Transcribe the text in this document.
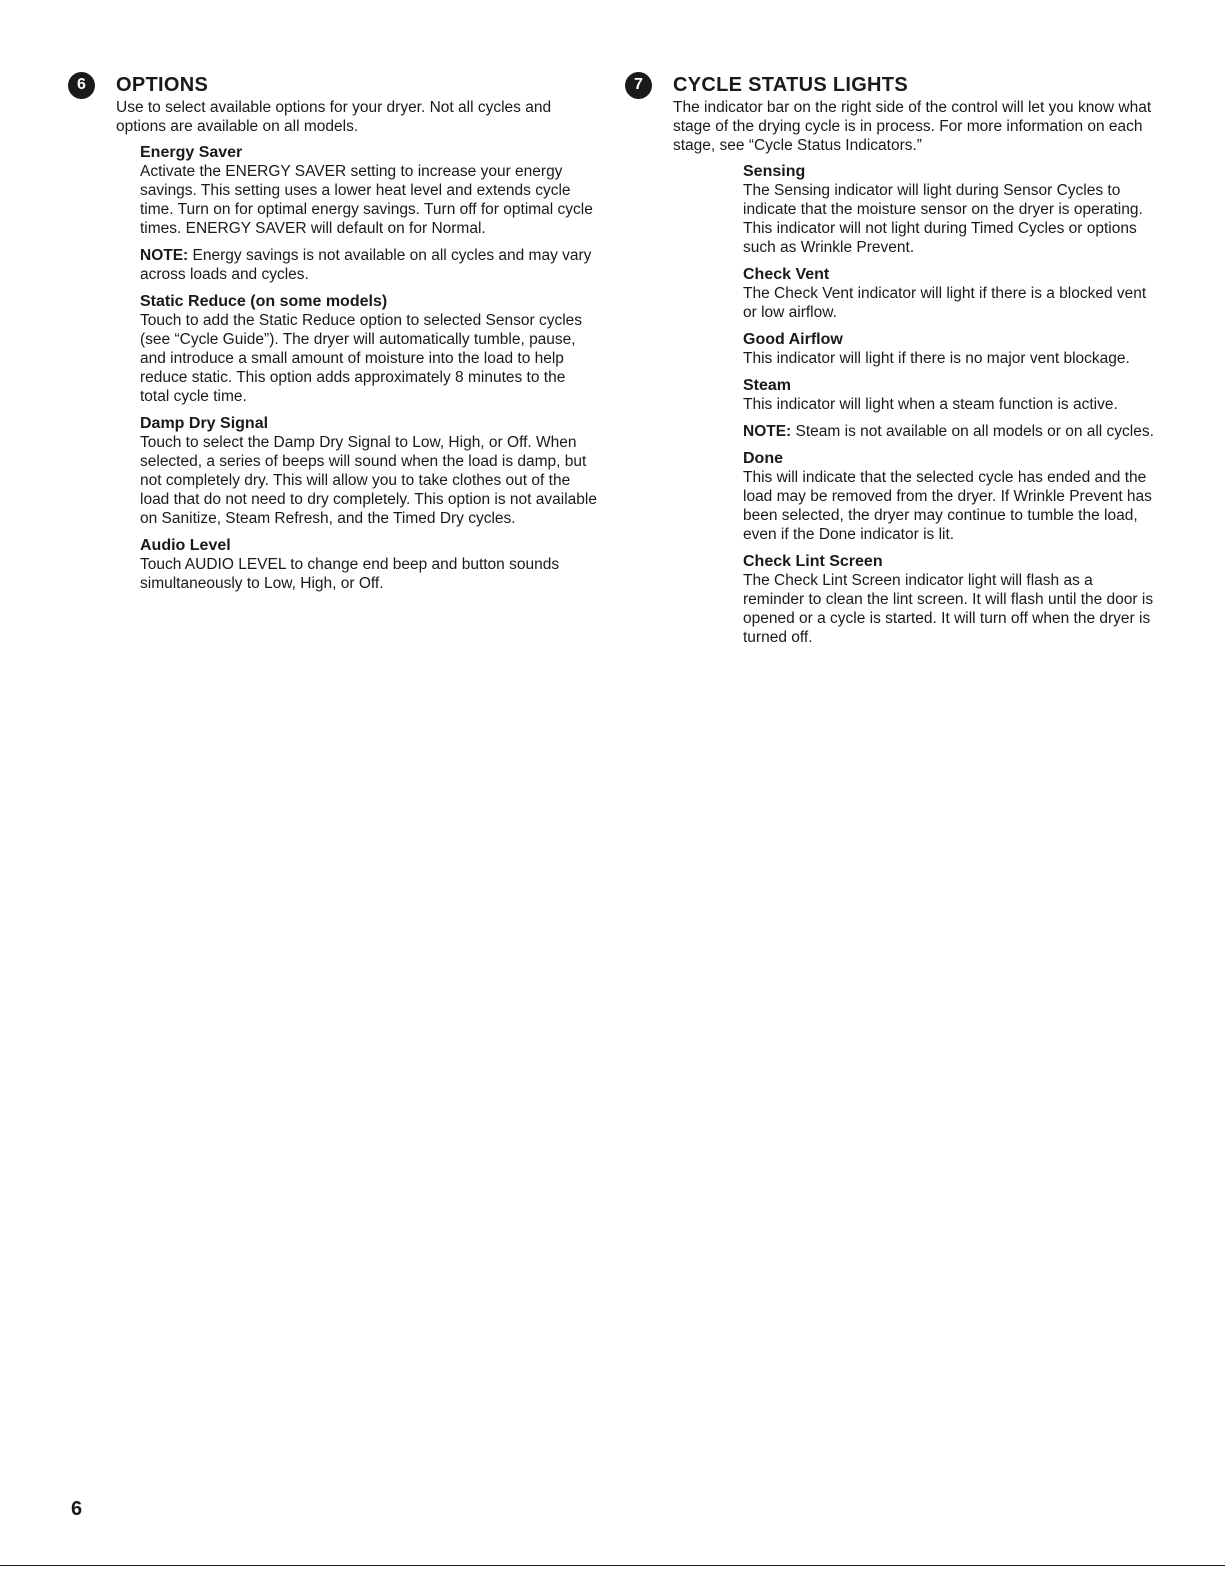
6	OPTIONS
Use to select available options for your dryer. Not all cycles and options are available on all models.
Energy Saver
Activate the ENERGY SAVER setting to increase your energy savings. This setting uses a lower heat level and extends cycle time. Turn on for optimal energy savings. Turn off for optimal cycle times. ENERGY SAVER will default on for Normal.
NOTE: Energy savings is not available on all cycles and may vary across loads and cycles.
Static Reduce (on some models)
Touch to add the Static Reduce option to selected Sensor cycles (see “Cycle Guide”). The dryer will automatically tumble, pause, and introduce a small amount of moisture into the load to help reduce static. This option adds approximately 8 minutes to the total cycle time.
Damp Dry Signal
Touch to select the Damp Dry Signal to Low, High, or Off. When selected, a series of beeps will sound when the load is damp, but not completely dry. This will allow you to take clothes out of the load that do not need to dry completely. This option is not available on Sanitize, Steam Refresh, and the Timed Dry cycles.
Audio Level
Touch AUDIO LEVEL to change end beep and button sounds simultaneously to Low, High, or Off.
7	CYCLE STATUS LIGHTS
The indicator bar on the right side of the control will let you know what stage of the drying cycle is in process. For more information on each stage, see “Cycle Status Indicators.”
Sensing
The Sensing indicator will light during Sensor Cycles to indicate that the moisture sensor on the dryer is operating. This indicator will not light during Timed Cycles or options such as Wrinkle Prevent.
Check Vent
The Check Vent indicator will light if there is a blocked vent or low airflow.
Good Airflow
This indicator will light if there is no major vent blockage.
Steam
This indicator will light when a steam function is active.
NOTE: Steam is not available on all models or on all cycles.
Done
This will indicate that the selected cycle has ended and the load may be removed from the dryer. If Wrinkle Prevent has been selected, the dryer may continue to tumble the load, even if the Done indicator is lit.
Check Lint Screen
The Check Lint Screen indicator light will flash as a reminder to clean the lint screen. It will flash until the door is opened or a cycle is started. It will turn off when the dryer is turned off.
6
